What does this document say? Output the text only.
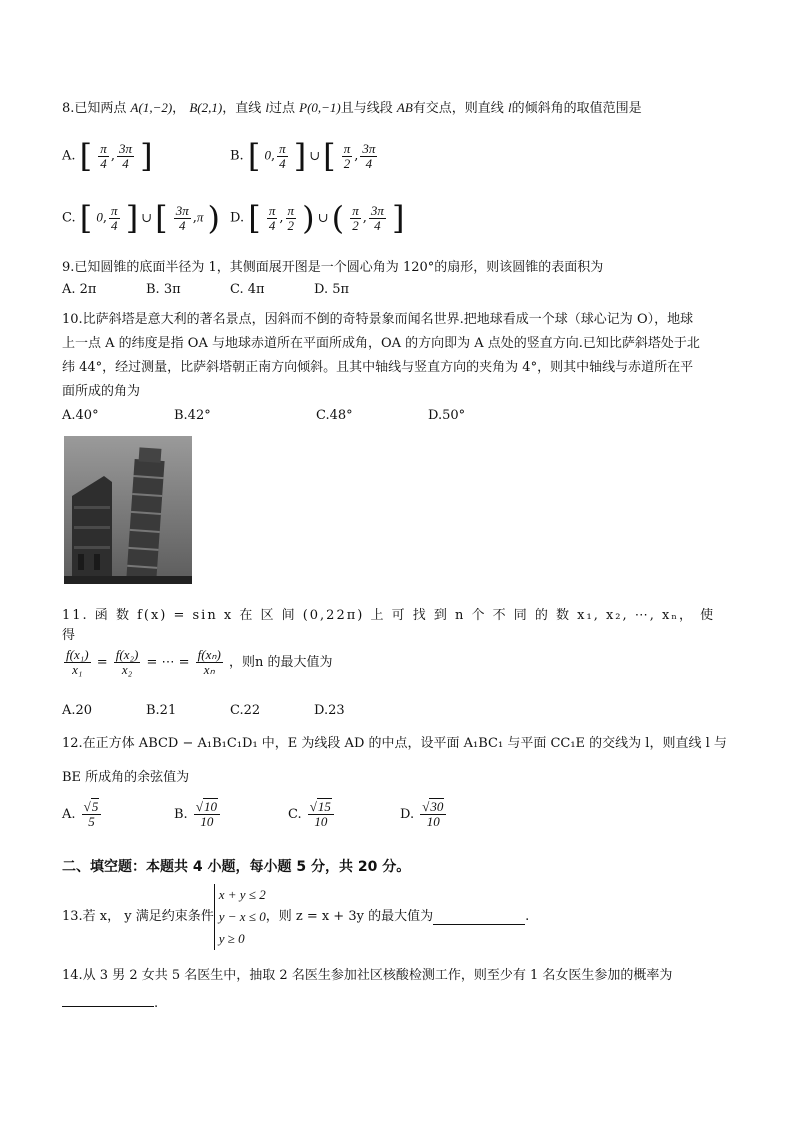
8.已知两点 A(1,−2)， B(2,1)，直线 l过点 P(0,−1)且与线段 AB有交点，则直线 l的倾斜角的取值范围是
A. [ $\frac{\pi}{4}$ , $\frac{3\pi}{4}$ ]	B. [ 0, $\frac{\pi}{4}$ ] ∪[ $\frac{\pi}{2}$ , $\frac{3\pi}{4}$

C. [ 0, $\frac{\pi}{4}$ ] ∪[ $\frac{3\pi}{4} ,\pi$ ) D. [ $\frac{\pi}{4}$ , $\frac{\pi}{2}$ ) ∪( $\frac{\pi}{2}$ , $\frac{3\pi}{4}$ ]
9.已知圆锥的底面半径为 1，其侧面展开图是一个圆心角为 120°的扇形，则该圆锥的表面积为
A. 2π	B. 3π	C. 4π	D. 5π
10.比萨斜塔是意大利的著名景点，因斜而不倒的奇特景象而闻名世界.把地球看成一个球（球心记为 O），地球
上一点 A 的纬度是指 OA 与地球赤道所在平面所成角，OA 的方向即为 A 点处的竖直方向.已知比萨斜塔处于北
纬 44°，经过测量，比萨斜塔朝正南方向倾斜。且其中轴线与竖直方向的夹角为 4°，则其中轴线与赤道所在平
面所成的角为
A.40°	B.42°	C.48°	D.50°
11. 函 数 f(x) = sin x 在 区 间 (0,22π) 上 可 找 到 n 个 不 同 的 数 x₁, x₂, ⋯, xₙ， 使 得
$\frac{\text{f(x₁)}}{\text{x₁}} = \frac{\text{f(x₂)}}{\text{x₂}}$ = ⋯ = $\frac{\text{f(xₙ)}}{\text{xₙ}}$ ，则n 的最大值为
A.20	B.21	C.22	D.23
12.在正方体 ABCD − A₁B₁C₁D₁ 中，E 为线段 AD 的中点，设平面 A₁BC₁ 与平面 CC₁E 的交线为 l，则直线 l 与
BE 所成角的余弦值为
A. $\frac{√5}{5}$	B. $\frac{√10}{10}$	C. $\frac{√15}{10}$	D. $\frac{√30}{10}$
二、填空题：本题共 4 小题，每小题 5 分，共 20 分。
13.若 x， y 满足约束条件
x + y ≤ 2
y − x ≤ 0
y ≥ 0
，则 z = x + 3y 的最大值为	.
14.从 3 男 2 女共 5 名医生中，抽取 2 名医生参加社区核酸检测工作，则至少有 1 名女医生参加的概率为
.
